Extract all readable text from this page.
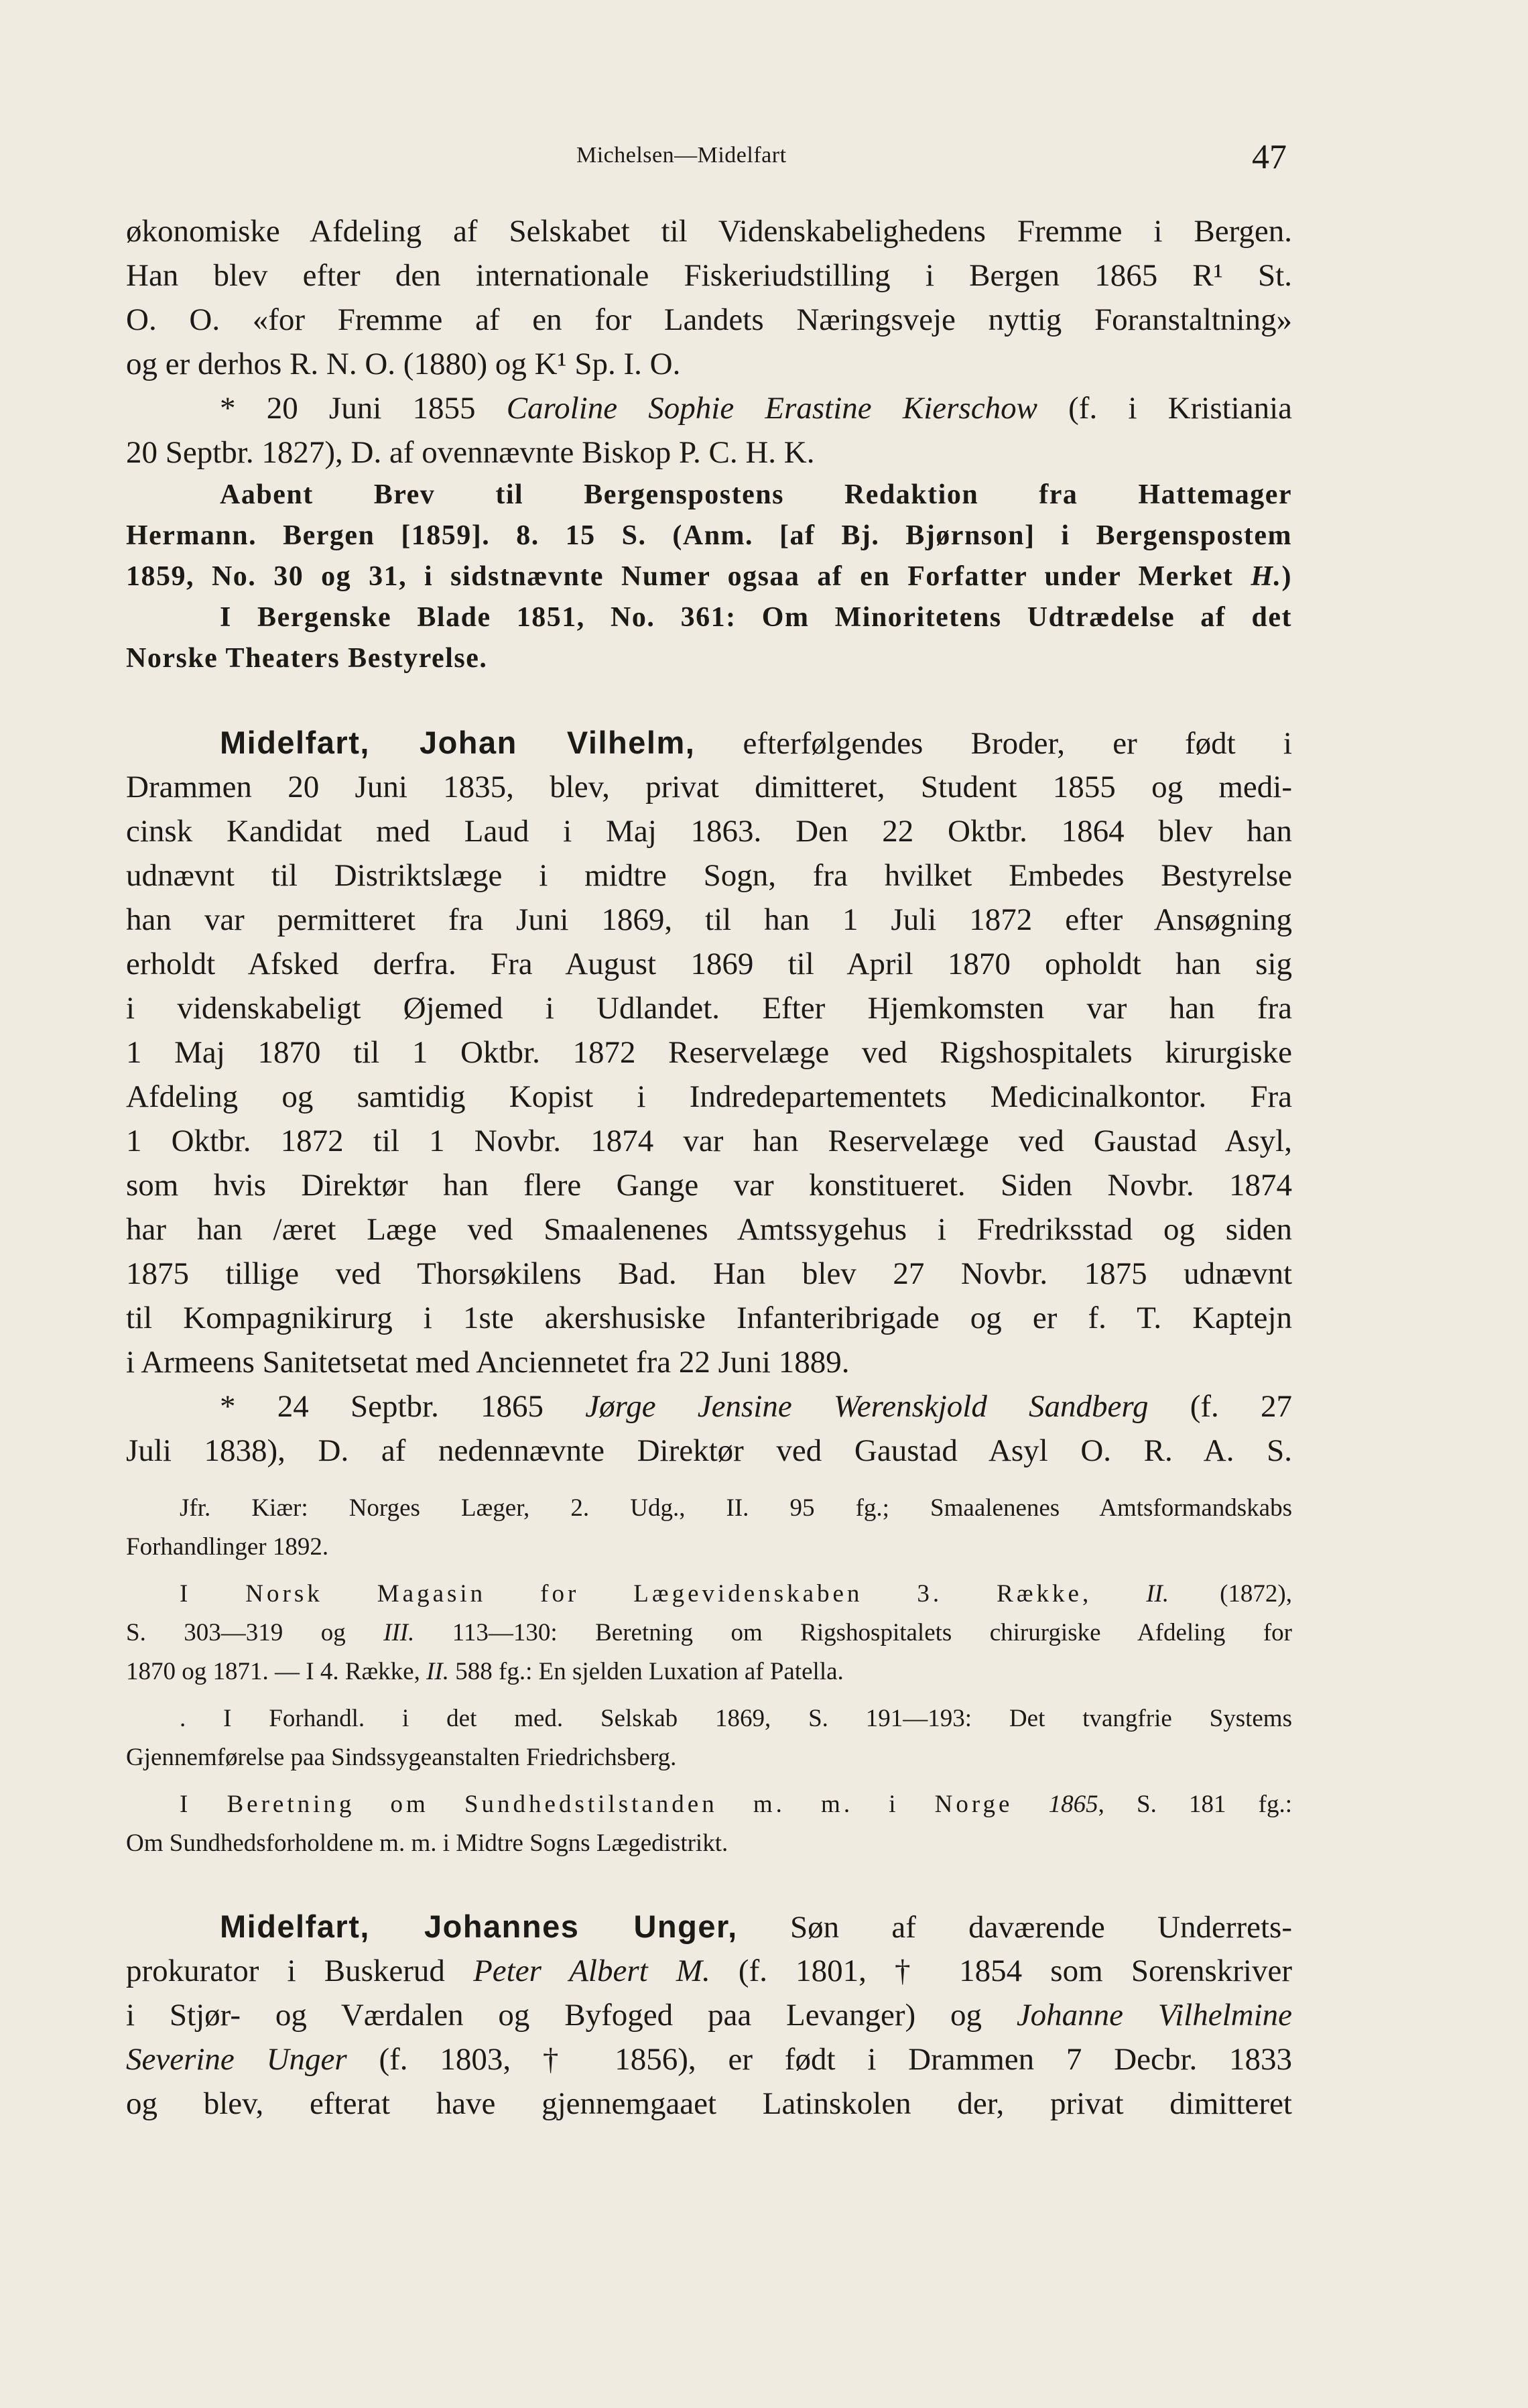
Michelsen—Midelfart	47
økonomiske Afdeling af Selskabet til Videnskabelighedens Fremme i Bergen.
Han blev efter den internationale Fiskeriudstilling i Bergen 1865 R¹ St.
O. O. «for Fremme af en for Landets Næringsveje nyttig Foranstaltning»
og er derhos R. N. O. (1880) og K¹ Sp. I. O.
* 20 Juni 1855 Caroline Sophie Erastine Kierschow (f. i Kristiania
20 Septbr. 1827), D. af ovennævnte Biskop P. C. H. K.
Aabent Brev til Bergenspostens Redaktion fra Hattemager
Hermann. Bergen [1859]. 8. 15 S. (Anm. [af Bj. Bjørnson] i Bergenspostem
1859, No. 30 og 31, i sidstnævnte Numer ogsaa af en Forfatter under Merket H.)
I Bergenske Blade 1851, No. 361: Om Minoritetens Udtrædelse af det
Norske Theaters Bestyrelse.
Midelfart, Johan Vilhelm, efterfølgendes Broder, er født i
Drammen 20 Juni 1835, blev, privat dimitteret, Student 1855 og medi-
cinsk Kandidat med Laud i Maj 1863. Den 22 Oktbr. 1864 blev han
udnævnt til Distriktslæge i midtre Sogn, fra hvilket Embedes Bestyrelse
han var permitteret fra Juni 1869, til han 1 Juli 1872 efter Ansøgning
erholdt Afsked derfra. Fra August 1869 til April 1870 opholdt han sig
i videnskabeligt Øjemed i Udlandet. Efter Hjemkomsten var han fra
1 Maj 1870 til 1 Oktbr. 1872 Reservelæge ved Rigshospitalets kirurgiske
Afdeling og samtidig Kopist i Indredepartementets Medicinalkontor. Fra
1 Oktbr. 1872 til 1 Novbr. 1874 var han Reservelæge ved Gaustad Asyl,
som hvis Direktør han flere Gange var konstitueret. Siden Novbr. 1874
har han /æret Læge ved Smaalenenes Amtssygehus i Fredriksstad og siden
1875 tillige ved Thorsøkilens Bad. Han blev 27 Novbr. 1875 udnævnt
til Kompagnikirurg i 1ste akershusiske Infanteribrigade og er f. T. Kaptejn
i Armeens Sanitetsetat med Anciennetet fra 22 Juni 1889.
* 24 Septbr. 1865 Jørge Jensine Werenskjold Sandberg (f. 27
Juli 1838), D. af nedennævnte Direktør ved Gaustad Asyl O. R. A. S.
Jfr. Kiær: Norges Læger, 2. Udg., II. 95 fg.; Smaalenenes Amtsformandskabs
Forhandlinger 1892.
I Norsk Magasin for Lægevidenskaben 3. Række, II. (1872),
S. 303—319 og III. 113—130: Beretning om Rigshospitalets chirurgiske Afdeling for
1870 og 1871. — I 4. Række, II. 588 fg.: En sjelden Luxation af Patella.
. I Forhandl. i det med. Selskab 1869, S. 191—193: Det tvangfrie Systems
Gjennemførelse paa Sindssygeanstalten Friedrichsberg.
I Beretning om Sundhedstilstanden m. m. i Norge 1865, S. 181 fg.:
Om Sundhedsforholdene m. m. i Midtre Sogns Lægedistrikt.
Midelfart, Johannes Unger, Søn af daværende Underrets-
prokurator i Buskerud Peter Albert M. (f. 1801, † 1854 som Sorenskriver
i Stjør- og Værdalen og Byfoged paa Levanger) og Johanne Vilhelmine
Severine Unger (f. 1803, † 1856), er født i Drammen 7 Decbr. 1833
og blev, efterat have gjennemgaaet Latinskolen der, privat dimitteret
